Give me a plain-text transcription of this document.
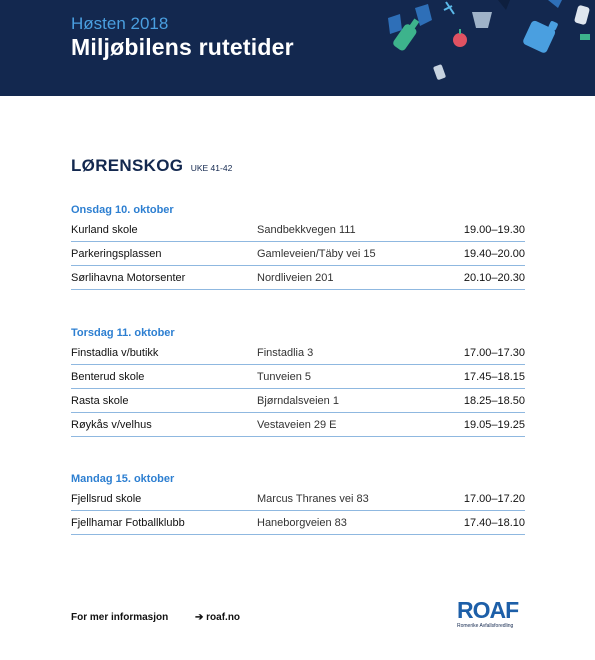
Høsten 2018
Miljøbilens rutetider
LØRENSKOG UKE 41-42
Onsdag 10. oktober
Kurland skole	Sandbekkvegen 111	19.00–19.30
Parkeringsplassen	Gamleveien/Täby vei 15	19.40–20.00
Sørlihavna Motorsenter	Nordliveien 201	20.10–20.30
Torsdag 11. oktober
Finstadlia v/butikk	Finstadlia 3	17.00–17.30
Benterud skole	Tunveien 5	17.45–18.15
Rasta skole	Bjørndalsveien 1	18.25–18.50
Røykås v/velhus	Vestaveien 29 E	19.05–19.25
Mandag 15. oktober
Fjellsrud skole	Marcus Thranes vei 83	17.00–17.20
Fjellhamar Fotballklubb	Haneborgveien 83	17.40–18.10
For mer informasjon	➔ roaf.no	ROAF
Romerike Avfallsforedling
